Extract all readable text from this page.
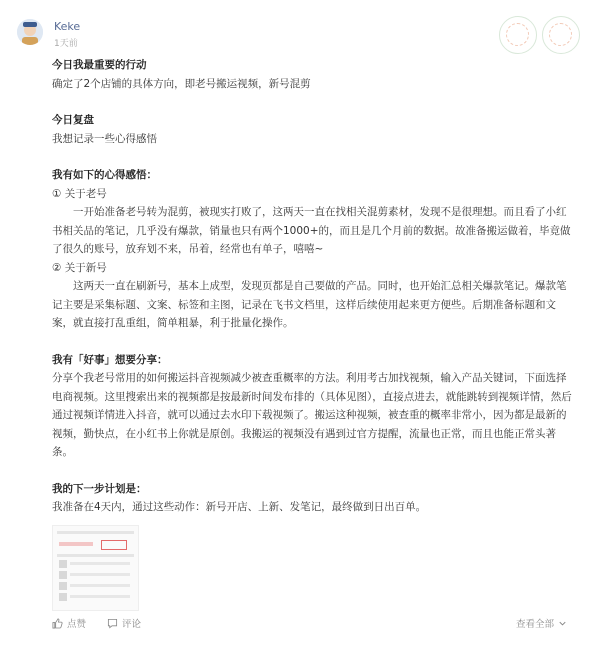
Keke
1天前

今日我最重要的行动

确定了2个店铺的具体方向，即老号搬运视频，新号混剪

今日复盘

我想记录一些心得感悟

我有如下的心得感悟：

① 关于老号

一开始准备老号转为混剪，被现实打败了，这两天一直在找相关混剪素材，发现不是很理想。而且看了小红书相关品的笔记，几乎没有爆款，销量也只有两个1000+的，而且是几个月前的数据。故准备搬运做着，毕竟做了很久的账号，放弃划不来，吊着，经常也有单子，嘻嘻~

② 关于新号

这两天一直在刷新号，基本上成型，发现页都是自己要做的产品。同时，也开始汇总相关爆款笔记。爆款笔记主要是采集标题、文案、标签和主图，记录在飞书文档里，这样后续使用起来更方便些。后期准备标题和文案，就直接打乱重组，简单粗暴，利于批量化操作。

我有「好事」想要分享：

分享个我老号常用的如何搬运抖音视频减少被查重概率的方法。利用考古加找视频，输入产品关键词，下面选择电商视频。这里搜索出来的视频都是按最新时间发布排的（具体见图），直接点进去，就能跳转到视频详情，然后通过视频详情进入抖音，就可以通过去水印下载视频了。搬运这种视频，被查重的概率非常小，因为都是最新的视频，勤快点，在小红书上你就是原创。我搬运的视频没有遇到过官方提醒，流量也正常，而且也能正常头著条。

我的下一步计划是：

我准备在4天内，通过这些动作：新号开店、上新、发笔记，最终做到日出百单。

点赞	评论	查看全部
